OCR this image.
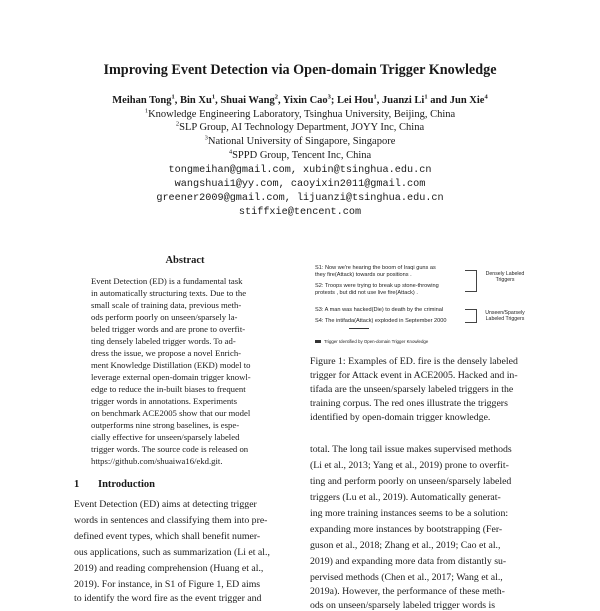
Improving Event Detection via Open-domain Trigger Knowledge
Meihan Tong$^1$, Bin Xu$^1$, Shuai Wang$^2$, Yixin Cao$^3$; Lei Hou$^1$, Juanzi Li$^1$ and Jun Xie$^4$
$^1$Knowledge Engineering Laboratory, Tsinghua University, Beijing, China
$^2$SLP Group, AI Technology Department, JOYY Inc, China
$^3$National University of Singapore, Singapore
$^4$SPPD Group, Tencent Inc, China
tongmeihan@gmail.com, xubin@tsinghua.edu.cn
wangshuai1@yy.com, caoyixin2011@gmail.com
greener2009@gmail.com, lijuanzi@tsinghua.edu.cn
stiffxie@tencent.com
Abstract
Event Detection (ED) is a fundamental task
in automatically structuring texts. Due to the
small scale of training data, previous meth-
ods perform poorly on unseen/sparsely la-
beled trigger words and are prone to overfit-
ting densely labeled trigger words. To ad-
dress the issue, we propose a novel Enrich-
ment Knowledge Distillation (EKD) model to
leverage external open-domain trigger knowl-
edge to reduce the in-built biases to frequent
trigger words in annotations. Experiments
on benchmark ACE2005 show that our model
outperforms nine strong baselines, is espe-
cially effective for unseen/sparsely labeled
trigger words. The source code is released on
https://github.com/shuaiwa16/ekd.git.
1 Introduction
Event Detection (ED) aims at detecting trigger
words in sentences and classifying them into pre-
defined event types, which shall benefit numer-
ous applications, such as summarization (Li et al.,
2019) and reading comprehension (Huang et al.,
2019). For instance, in S1 of Figure 1, ED aims
to identify the word fire as the event trigger and
S1: Now we're hearing the boom of Iraqi guns as
they fire(Attack) towards our positions .
S2: Troops were trying to break up stone-throwing
protests , but did not use live fire(Attack) .
Densely Labeled Triggers
S3: A man was hacked(Die) to death by the criminal
S4: The intifada(Attack) exploded in September 2000
Unseen/Sparsely Labeled Triggers
Trigger Identified by Open-domain Trigger Knowledge
Figure 1: Examples of ED. fire is the densely labeled
trigger for Attack event in ACE2005. Hacked and in-
tifada are the unseen/sparsely labeled triggers in the
training corpus. The red ones illustrate the triggers
identified by open-domain trigger knowledge.
total. The long tail issue makes supervised methods
(Li et al., 2013; Yang et al., 2019) prone to overfit-
ting and perform poorly on unseen/sparsely labeled
triggers (Lu et al., 2019). Automatically generat-
ing more training instances seems to be a solution:
expanding more instances by bootstrapping (Fer-
guson et al., 2018; Zhang et al., 2019; Cao et al.,
2019) and expanding more data from distantly su-
pervised methods (Chen et al., 2017; Wang et al.,
2019a). However, the performance of these meth-
ods on unseen/sparsely labeled trigger words is
